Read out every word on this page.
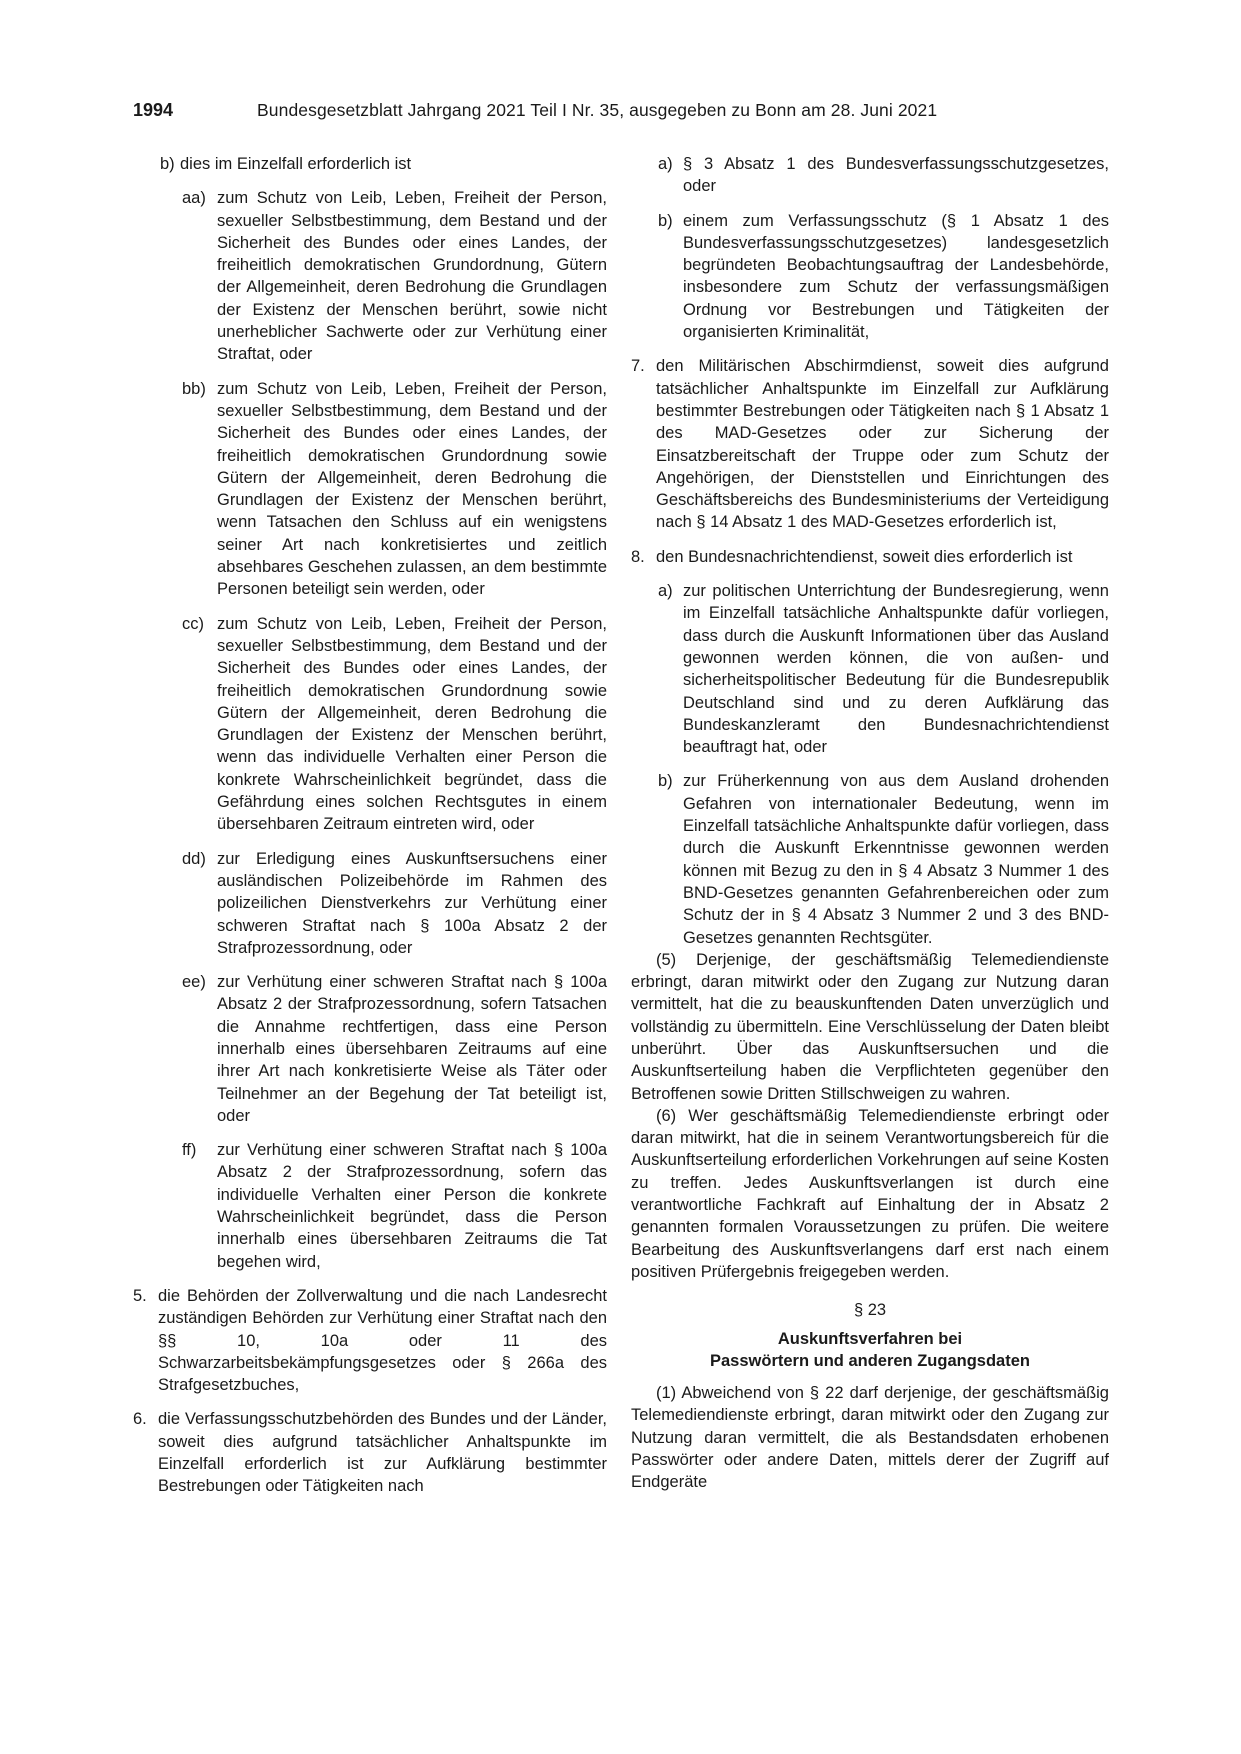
1994	Bundesgesetzblatt Jahrgang 2021 Teil I Nr. 35, ausgegeben zu Bonn am 28. Juni 2021

b) dies im Einzelfall erforderlich ist

aa) zum Schutz von Leib, Leben, Freiheit der Person, sexueller Selbstbestimmung, dem Bestand und der Sicherheit des Bundes oder eines Landes, der freiheitlich demokratischen Grundordnung, Gütern der Allgemeinheit, deren Bedrohung die Grundlagen der Existenz der Menschen berührt, sowie nicht unerheblicher Sachwerte oder zur Verhütung einer Straftat, oder

bb) zum Schutz von Leib, Leben, Freiheit der Person, sexueller Selbstbestimmung, dem Bestand und der Sicherheit des Bundes oder eines Landes, der freiheitlich demokratischen Grundordnung sowie Gütern der Allgemeinheit, deren Bedrohung die Grundlagen der Existenz der Menschen berührt, wenn Tatsachen den Schluss auf ein wenigstens seiner Art nach konkretisiertes und zeitlich absehbares Geschehen zulassen, an dem bestimmte Personen beteiligt sein werden, oder

cc) zum Schutz von Leib, Leben, Freiheit der Person, sexueller Selbstbestimmung, dem Bestand und der Sicherheit des Bundes oder eines Landes, der freiheitlich demokratischen Grundordnung sowie Gütern der Allgemeinheit, deren Bedrohung die Grundlagen der Existenz der Menschen berührt, wenn das individuelle Verhalten einer Person die konkrete Wahrscheinlichkeit begründet, dass die Gefährdung eines solchen Rechtsgutes in einem übersehbaren Zeitraum eintreten wird, oder

dd) zur Erledigung eines Auskunftsersuchens einer ausländischen Polizeibehörde im Rahmen des polizeilichen Dienstverkehrs zur Verhütung einer schweren Straftat nach § 100a Absatz 2 der Strafprozessordnung, oder

ee) zur Verhütung einer schweren Straftat nach § 100a Absatz 2 der Strafprozessordnung, sofern Tatsachen die Annahme rechtfertigen, dass eine Person innerhalb eines übersehbaren Zeitraums auf eine ihrer Art nach konkretisierte Weise als Täter oder Teilnehmer an der Begehung der Tat beteiligt ist, oder

ff) zur Verhütung einer schweren Straftat nach § 100a Absatz 2 der Strafprozessordnung, sofern das individuelle Verhalten einer Person die konkrete Wahrscheinlichkeit begründet, dass die Person innerhalb eines übersehbaren Zeitraums die Tat begehen wird,

5. die Behörden der Zollverwaltung und die nach Landesrecht zuständigen Behörden zur Verhütung einer Straftat nach den §§ 10, 10a oder 11 des Schwarzarbeitsbekämpfungsgesetzes oder § 266a des Strafgesetzbuches,

6. die Verfassungsschutzbehörden des Bundes und der Länder, soweit dies aufgrund tatsächlicher Anhaltspunkte im Einzelfall erforderlich ist zur Aufklärung bestimmter Bestrebungen oder Tätigkeiten nach

a) § 3 Absatz 1 des Bundesverfassungsschutzgesetzes, oder

b) einem zum Verfassungsschutz (§ 1 Absatz 1 des Bundesverfassungsschutzgesetzes) landesgesetzlich begründeten Beobachtungsauftrag der Landesbehörde, insbesondere zum Schutz der verfassungsmäßigen Ordnung vor Bestrebungen und Tätigkeiten der organisierten Kriminalität,

7. den Militärischen Abschirmdienst, soweit dies aufgrund tatsächlicher Anhaltspunkte im Einzelfall zur Aufklärung bestimmter Bestrebungen oder Tätigkeiten nach § 1 Absatz 1 des MAD-Gesetzes oder zur Sicherung der Einsatzbereitschaft der Truppe oder zum Schutz der Angehörigen, der Dienststellen und Einrichtungen des Geschäftsbereichs des Bundesministeriums der Verteidigung nach § 14 Absatz 1 des MAD-Gesetzes erforderlich ist,

8. den Bundesnachrichtendienst, soweit dies erforderlich ist

a) zur politischen Unterrichtung der Bundesregierung, wenn im Einzelfall tatsächliche Anhaltspunkte dafür vorliegen, dass durch die Auskunft Informationen über das Ausland gewonnen werden können, die von außen- und sicherheitspolitischer Bedeutung für die Bundesrepublik Deutschland sind und zu deren Aufklärung das Bundeskanzleramt den Bundesnachrichtendienst beauftragt hat, oder

b) zur Früherkennung von aus dem Ausland drohenden Gefahren von internationaler Bedeutung, wenn im Einzelfall tatsächliche Anhaltspunkte dafür vorliegen, dass durch die Auskunft Erkenntnisse gewonnen werden können mit Bezug zu den in § 4 Absatz 3 Nummer 1 des BND-Gesetzes genannten Gefahrenbereichen oder zum Schutz der in § 4 Absatz 3 Nummer 2 und 3 des BND-Gesetzes genannten Rechtsgüter.

(5) Derjenige, der geschäftsmäßig Telemediendienste erbringt, daran mitwirkt oder den Zugang zur Nutzung daran vermittelt, hat die zu beauskunftenden Daten unverzüglich und vollständig zu übermitteln. Eine Verschlüsselung der Daten bleibt unberührt. Über das Auskunftsersuchen und die Auskunftserteilung haben die Verpflichteten gegenüber den Betroffenen sowie Dritten Stillschweigen zu wahren.

(6) Wer geschäftsmäßig Telemediendienste erbringt oder daran mitwirkt, hat die in seinem Verantwortungsbereich für die Auskunftserteilung erforderlichen Vorkehrungen auf seine Kosten zu treffen. Jedes Auskunftsverlangen ist durch eine verantwortliche Fachkraft auf Einhaltung der in Absatz 2 genannten formalen Voraussetzungen zu prüfen. Die weitere Bearbeitung des Auskunftsverlangens darf erst nach einem positiven Prüfergebnis freigegeben werden.

§ 23
Auskunftsverfahren bei
Passwörtern und anderen Zugangsdaten

(1) Abweichend von § 22 darf derjenige, der geschäftsmäßig Telemediendienste erbringt, daran mitwirkt oder den Zugang zur Nutzung daran vermittelt, die als Bestandsdaten erhobenen Passwörter oder andere Daten, mittels derer der Zugriff auf Endgeräte
